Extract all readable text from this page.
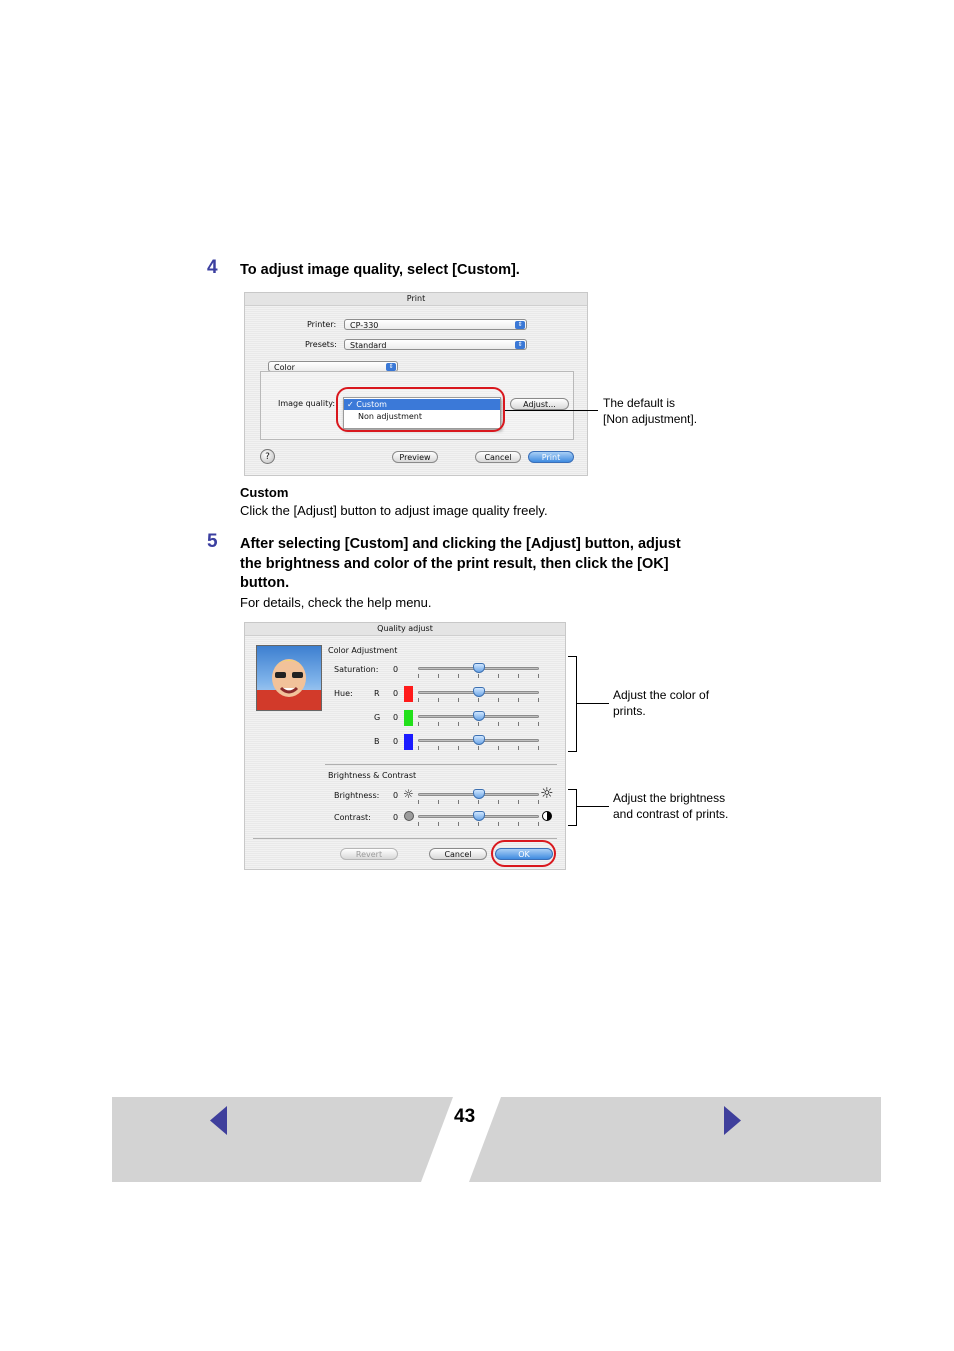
4 To adjust image quality, select [Custom].
Print
Printer:	CP-330	⇕
Presets:	Standard	⇕
Color	⇕
Image quality:	✓ Custom
Non adjustment
Adjust...
?	Preview	Cancel	Print
The default is
[Non adjustment].
Custom
Click the [Adjust] button to adjust image quality freely.
5 After selecting [Custom] and clicking the [Adjust] button, adjust
the brightness and color of the print result, then click the [OK]
button.
For details, check the help menu.
Quality adjust
Color Adjustment
Saturation: 0
Hue:	R 0
G 0
B 0
Brightness & Contrast
Brightness: 0 ☼	☼
Contrast:	0
Revert	Cancel	OK
Adjust the color of
prints.
Adjust the brightness
and contrast of prints.
43
